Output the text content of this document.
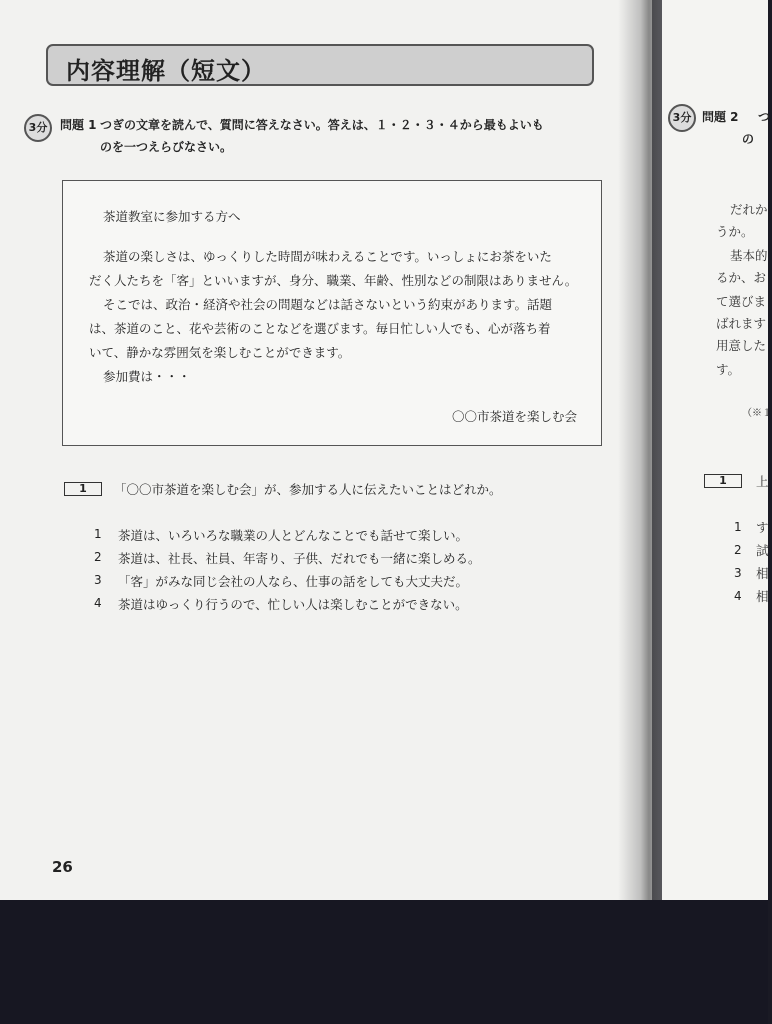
内容理解（短文）
3分	問題 1 つぎの文章を読んで、質問に答えなさい。答えは、１・２・３・４から最もよいも
のを一つえらびなさい。
茶道教室に参加する方へ
茶道の楽しさは、ゆっくりした時間が味わえることです。いっしょにお茶をいた
だく人たちを「客」といいますが、身分、職業、年齢、性別などの制限はありません。
そこでは、政治・経済や社会の問題などは話さないという約束があります。話題
は、茶道のこと、花や芸術のことなどを選びます。毎日忙しい人でも、心が落ち着
いて、静かな雰囲気を楽しむことができます。
参加費は・・・
〇〇市茶道を楽しむ会
1	「〇〇市茶道を楽しむ会」が、参加する人に伝えたいことはどれか。
1 茶道は、いろいろな職業の人とどんなことでも話せて楽しい。
2 茶道は、社長、社員、年寄り、子供、だれでも一緒に楽しめる。
3 「客」がみな同じ会社の人なら、仕事の話をしても大丈夫だ。
4 茶道はゆっくり行うので、忙しい人は楽しむことができない。
26
3分 問題 2 つ
の
だれか
うか。
基本的
るか、お
て選びま
ばれます
用意した
す。
（※１
1	上
1 す
2 試
3 相
4 相
